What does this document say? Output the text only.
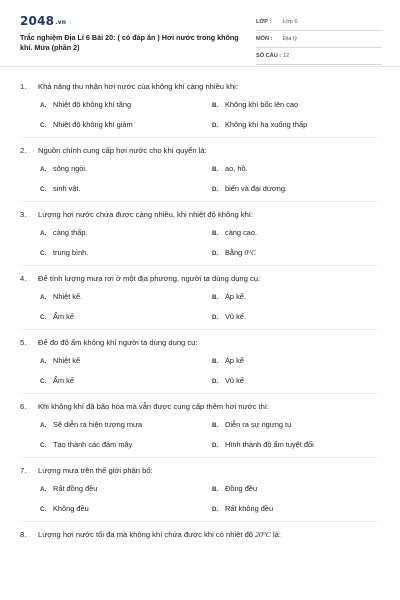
2048.vn
Trắc nghiệm Địa Lí 6 Bài 20: ( có đáp án ) Hơi nước trong không khí. Mưa (phần 2)
LỚP :	Lớp 6
MÔN :	Địa lý
SỐ CÂU : 12
1. Khả năng thu nhận hơi nước của không khí càng nhiều khi:
A. Nhiệt độ không khí tăng	B. Không khí bốc lên cao
C. Nhiệt độ không khí giảm	D. Không khí hạ xuống thấp
2. Nguồn chính cung cấp hơi nước cho khí quyển là:
A. sông ngòi.	B. ao, hồ.
C. sinh vật.	D. biển và đại dương.
3. Lượng hơi nước chứa được càng nhiều, khi nhiệt độ không khí:
A. càng thấp.	B. càng cao.
C. trung bình.	D. Bằng 0°C
4. Để tính lượng mưa rơi ở một địa phương, người ta dùng dụng cụ:
A. Nhiệt kế.	B. Áp kế.
C. Ẩm kế.	D. Vũ kế.
5. Để đo độ ẩm không khí người ta dùng dụng cụ:
A. Nhiệt kế	B. Áp kế
C. Ẩm kế	D. Vũ kế
6. Khi không khí đã bão hòa mà vẫn được cung cấp thêm hơi nước thì:
A. Sẽ diễn ra hiện tượng mưa	B. Diễn ra sự ngưng tụ
C. Tạo thành các đám mây	D. Hình thành độ ẩm tuyệt đối
7. Lượng mưa trên thế giới phân bố:
A. Rất đồng đều	B. Đồng đều
C. Không đều	D. Rất không đều
8. Lượng hơi nước tối đa mà không khí chứa được khi có nhiệt độ 20°C là:
